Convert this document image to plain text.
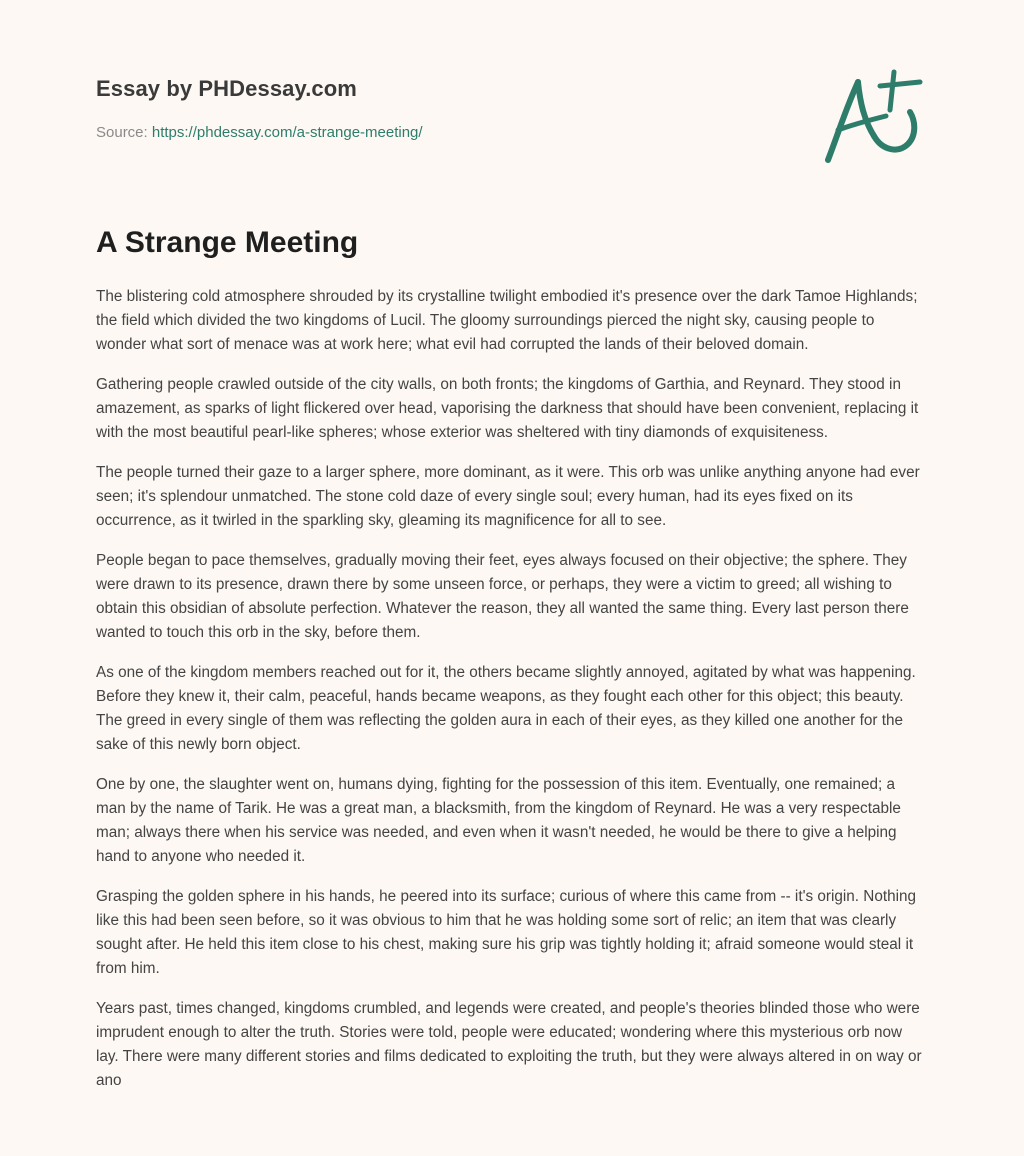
Essay by PHDessay.com
Source: https://phdessay.com/a-strange-meeting/
A Strange Meeting

The blistering cold atmosphere shrouded by its crystalline twilight embodied it's presence over the dark Tamoe Highlands; the field which divided the two kingdoms of Lucil. The gloomy surroundings pierced the night sky, causing people to wonder what sort of menace was at work here; what evil had corrupted the lands of their beloved domain.

Gathering people crawled outside of the city walls, on both fronts; the kingdoms of Garthia, and Reynard. They stood in amazement, as sparks of light flickered over head, vaporising the darkness that should have been convenient, replacing it with the most beautiful pearl-like spheres; whose exterior was sheltered with tiny diamonds of exquisiteness.

The people turned their gaze to a larger sphere, more dominant, as it were. This orb was unlike anything anyone had ever seen; it's splendour unmatched. The stone cold daze of every single soul; every human, had its eyes fixed on its occurrence, as it twirled in the sparkling sky, gleaming its magnificence for all to see.

People began to pace themselves, gradually moving their feet, eyes always focused on their objective; the sphere. They were drawn to its presence, drawn there by some unseen force, or perhaps, they were a victim to greed; all wishing to obtain this obsidian of absolute perfection. Whatever the reason, they all wanted the same thing. Every last person there wanted to touch this orb in the sky, before them.

As one of the kingdom members reached out for it, the others became slightly annoyed, agitated by what was happening. Before they knew it, their calm, peaceful, hands became weapons, as they fought each other for this object; this beauty. The greed in every single of them was reflecting the golden aura in each of their eyes, as they killed one another for the sake of this newly born object.

One by one, the slaughter went on, humans dying, fighting for the possession of this item. Eventually, one remained; a man by the name of Tarik. He was a great man, a blacksmith, from the kingdom of Reynard. He was a very respectable man; always there when his service was needed, and even when it wasn't needed, he would be there to give a helping hand to anyone who needed it.

Grasping the golden sphere in his hands, he peered into its surface; curious of where this came from -- it's origin. Nothing like this had been seen before, so it was obvious to him that he was holding some sort of relic; an item that was clearly sought after. He held this item close to his chest, making sure his grip was tightly holding it; afraid someone would steal it from him.

Years past, times changed, kingdoms crumbled, and legends were created, and people's theories blinded those who were imprudent enough to alter the truth. Stories were told, people were educated; wondering where this mysterious orb now lay. There were many different stories and films dedicated to exploiting the truth, but they were always altered in on way or ano
